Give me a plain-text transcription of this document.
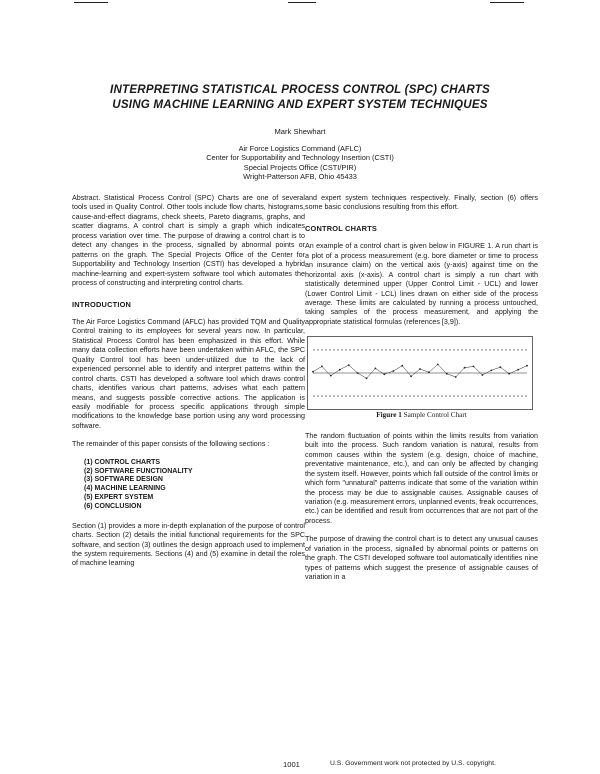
INTERPRETING STATISTICAL PROCESS CONTROL (SPC) CHARTS
USING MACHINE LEARNING AND EXPERT SYSTEM TECHNIQUES
Mark Shewhart
Air Force Logistics Command (AFLC)
Center for Supportability and Technology Insertion (CSTI)
Special Projects Office (CSTI/PIR)
Wright-Patterson AFB, Ohio 45433

Abstract. Statistical Process Control (SPC) Charts are one of several tools used in Quality Control. Other tools include flow charts, histograms, cause-and-effect diagrams, check sheets, Pareto diagrams, graphs, and scatter diagrams. A control chart is simply a graph which indicates process variation over time. The purpose of drawing a control chart is to detect any changes in the process, signalled by abnormal points or patterns on the graph. The Special Projects Office of the Center for Supportability and Technology Insertion (CSTI) has developed a hybrid machine-learning and expert-system software tool which automates the process of constructing and interpreting control charts.

INTRODUCTION

The Air Force Logistics Command (AFLC) has provided TQM and Quality Control training to its employees for several years now. In particular, Statistical Process Control has been emphasized in this effort. While many data collection efforts have been undertaken within AFLC, the SPC Quality Control tool has been under-utilized due to the lack of experienced personnel able to identify and interpret patterns within the control charts. CSTI has developed a software tool which draws control charts, identifies various chart patterns, advises what each pattern means, and suggests possible corrective actions. The application is easily modifiable for process specific applications through simple modifications to the knowledge base portion using any word processing software.

The remainder of this paper consists of the following sections :

(1) CONTROL CHARTS
(2) SOFTWARE FUNCTIONALITY
(3) SOFTWARE DESIGN
(4) MACHINE LEARNING
(5) EXPERT SYSTEM
(6) CONCLUSION

Section (1) provides a more in-depth explanation of the purpose of control charts. Section (2) details the initial functional requirements for the SPC software, and section (3) outlines the design approach used to implement the system requirements. Sections (4) and (5) examine in detail the roles of machine learning

and expert system techniques respectively. Finally, section (6) offers some basic conclusions resulting from this effort.

CONTROL CHARTS

An example of a control chart is given below in FIGURE 1. A run chart is a plot of a process measurement (e.g. bore diameter or time to process an insurance claim) on the vertical axis (y-axis) against time on the horizontal axis (x-axis). A control chart is simply a run chart with statistically determined upper (Upper Control Limit - UCL) and lower (Lower Control Limit - LCL) lines drawn on either side of the process average. These limits are calculated by running a process untouched, taking samples of the process measurement, and applying the appropriate statistical formulas (references [3,9]).

Figure 1 Sample Control Chart

The random fluctuation of points within the limits results from variation built into the process. Such random variation is natural, results from common causes within the system (e.g. design, choice of machine, preventative maintenance, etc.), and can only be affected by changing the system itself. However, points which fall outside of the control limits or which form "unnatural" patterns indicate that some of the variation within the process may be due to assignable causes. Assignable causes of variation (e.g. measurement errors, unplanned events, freak occurrences, etc.) can be identified and result from occurrences that are not part of the process.

The purpose of drawing the control chart is to detect any unusual causes of variation in the process, signalled by abnormal points or patterns on the graph. The CSTI developed software tool automatically identifies nine types of patterns which suggest the presence of assignable causes of variation in a

1001	U.S. Government work not protected by U.S. copyright.
